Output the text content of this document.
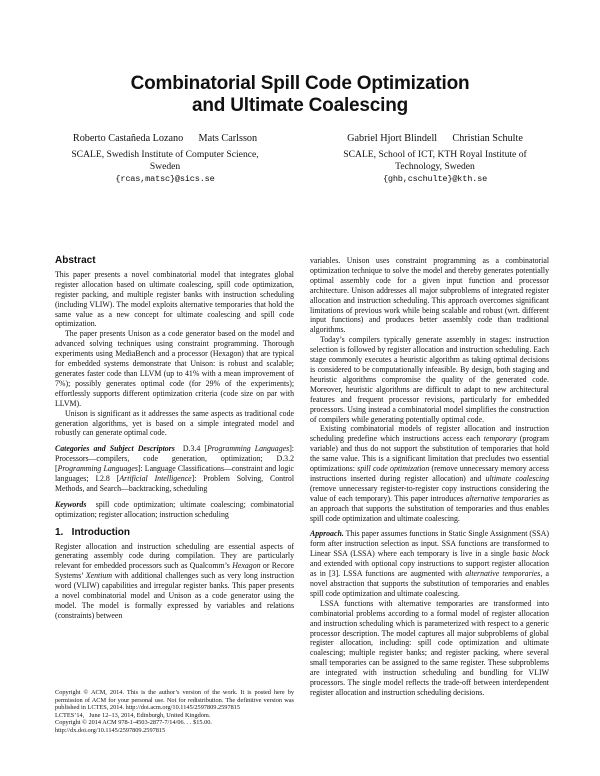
Combinatorial Spill Code Optimization
and Ultimate Coalescing
Roberto Castañeda Lozano      Mats Carlsson
SCALE, Swedish Institute of Computer Science,
Sweden
{rcas,matsc}@sics.se
Gabriel Hjort Blindell      Christian Schulte
SCALE, School of ICT, KTH Royal Institute of
Technology, Sweden
{ghb,cschulte}@kth.se
Abstract

This paper presents a novel combinatorial model that integrates global register allocation based on ultimate coalescing, spill code optimization, register packing, and multiple register banks with instruction scheduling (including VLIW). The model exploits alternative temporaries that hold the same value as a new concept for ultimate coalescing and spill code optimization.

The paper presents Unison as a code generator based on the model and advanced solving techniques using constraint programming. Thorough experiments using MediaBench and a processor (Hexagon) that are typical for embedded systems demonstrate that Unison: is robust and scalable; generates faster code than LLVM (up to 41% with a mean improvement of 7%); possibly generates optimal code (for 29% of the experiments); effortlessly supports different optimization criteria (code size on par with LLVM).

Unison is significant as it addresses the same aspects as traditional code generation algorithms, yet is based on a simple integrated model and robustly can generate optimal code.

Categories and Subject Descriptors D.3.4 [Programming Languages]: Processors—compilers, code generation, optimization; D.3.2 [Programming Languages]: Language Classifications—constraint and logic languages; I.2.8 [Artificial Intelligence]: Problem Solving, Control Methods, and Search—backtracking, scheduling

Keywords spill code optimization; ultimate coalescing; combinatorial optimization; register allocation; instruction scheduling

1.   Introduction

Register allocation and instruction scheduling are essential aspects of generating assembly code during compilation. They are particularly relevant for embedded processors such as Qualcomm’s Hexagon or Recore Systems’ Xentium with additional challenges such as very long instruction word (VLIW) capabilities and irregular register banks. This paper presents a novel combinatorial model and Unison as a code generator using the model. The model is formally expressed by variables and relations (constraints) between

Copyright © ACM, 2014. This is the author’s version of the work. It is posted here by permission of ACM for your personal use. Not for redistribution. The definitive version was published in LCTES, 2014. http://doi.acm.org/10.1145/2597809.2597815
LCTES’14,   June 12–13, 2014, Edinburgh, United Kingdom.
Copyright © 2014 ACM 978-1-4503-2877-7/14/06. . . $15.00.
http://dx.doi.org/10.1145/2597809.2597815

variables. Unison uses constraint programming as a combinatorial optimization technique to solve the model and thereby generates potentially optimal assembly code for a given input function and processor architecture. Unison addresses all major subproblems of integrated register allocation and instruction scheduling. This approach overcomes significant limitations of previous work while being scalable and robust (wrt. different input functions) and produces better assembly code than traditional algorithms.

Today’s compilers typically generate assembly in stages: instruction selection is followed by register allocation and instruction scheduling. Each stage commonly executes a heuristic algorithm as taking optimal decisions is considered to be computationally infeasible. By design, both staging and heuristic algorithms compromise the quality of the generated code. Moreover, heuristic algorithms are difficult to adapt to new architectural features and frequent processor revisions, particularly for embedded processors. Using instead a combinatorial model simplifies the construction of compilers while generating potentially optimal code.

Existing combinatorial models of register allocation and instruction scheduling predefine which instructions access each temporary (program variable) and thus do not support the substitution of temporaries that hold the same value. This is a significant limitation that precludes two essential optimizations: spill code optimization (remove unnecessary memory access instructions inserted during register allocation) and ultimate coalescing (remove unnecessary register-to-register copy instructions considering the value of each temporary). This paper introduces alternative temporaries as an approach that supports the substitution of temporaries and thus enables spill code optimization and ultimate coalescing.

Approach. This paper assumes functions in Static Single Assignment (SSA) form after instruction selection as input. SSA functions are transformed to Linear SSA (LSSA) where each temporary is live in a single basic block and extended with optional copy instructions to support register allocation as in [3]. LSSA functions are augmented with alternative temporaries, a novel abstraction that supports the substitution of temporaries and enables spill code optimization and ultimate coalescing.

LSSA functions with alternative temporaries are transformed into combinatorial problems according to a formal model of register allocation and instruction scheduling which is parameterized with respect to a generic processor description. The model captures all major subproblems of global register allocation, including: spill code optimization and ultimate coalescing; multiple register banks; and register packing, where several small temporaries can be assigned to the same register. These subproblems are integrated with instruction scheduling and bundling for VLIW processors. The single model reflects the trade-off between interdependent register allocation and instruction scheduling decisions.
